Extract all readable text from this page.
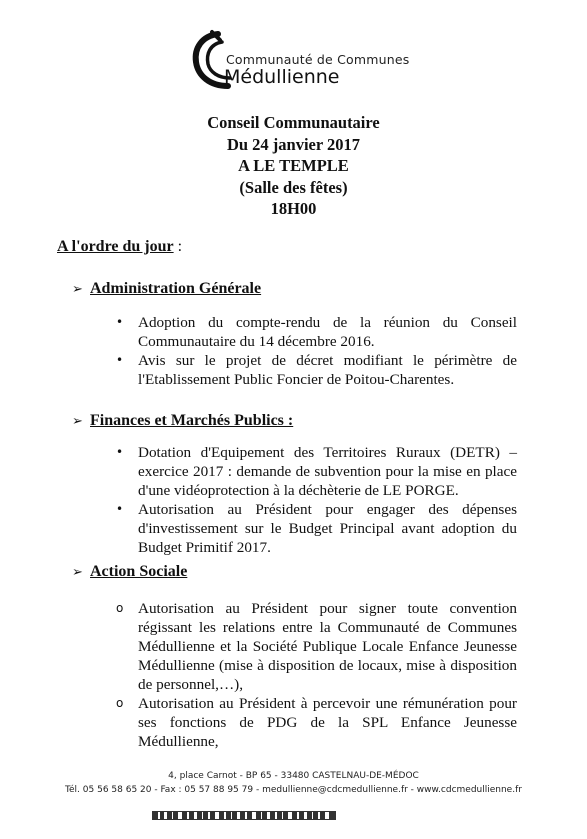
Communauté de Communes
Médullienne
Conseil Communautaire
Du 24 janvier 2017
A LE TEMPLE
(Salle des fêtes)
18H00
A l'ordre du jour :
➢ Administration Générale
• Adoption du compte-rendu de la réunion du Conseil Communautaire du 14 décembre 2016.
• Avis sur le projet de décret modifiant le périmètre de l'Etablissement Public Foncier de Poitou-Charentes.
➢ Finances et Marchés Publics :
• Dotation d'Equipement des Territoires Ruraux (DETR) – exercice 2017 : demande de subvention pour la mise en place d'une vidéoprotection à la déchèterie de LE PORGE.
• Autorisation au Président pour engager des dépenses d'investissement sur le Budget Principal avant adoption du Budget Primitif 2017.
➢ Action Sociale
o Autorisation au Président pour signer toute convention régissant les relations entre la Communauté de Communes Médullienne et la Société Publique Locale Enfance Jeunesse Médullienne (mise à disposition de locaux, mise à disposition de personnel,…),
o Autorisation au Président à percevoir une rémunération pour ses fonctions de PDG de la SPL Enfance Jeunesse Médullienne,
4, place Carnot - BP 65 - 33480 CASTELNAU-DE-MÉDOC
Tél. 05 56 58 65 20 - Fax : 05 57 88 95 79 - medullienne@cdcmedullienne.fr - www.cdcmedullienne.fr
